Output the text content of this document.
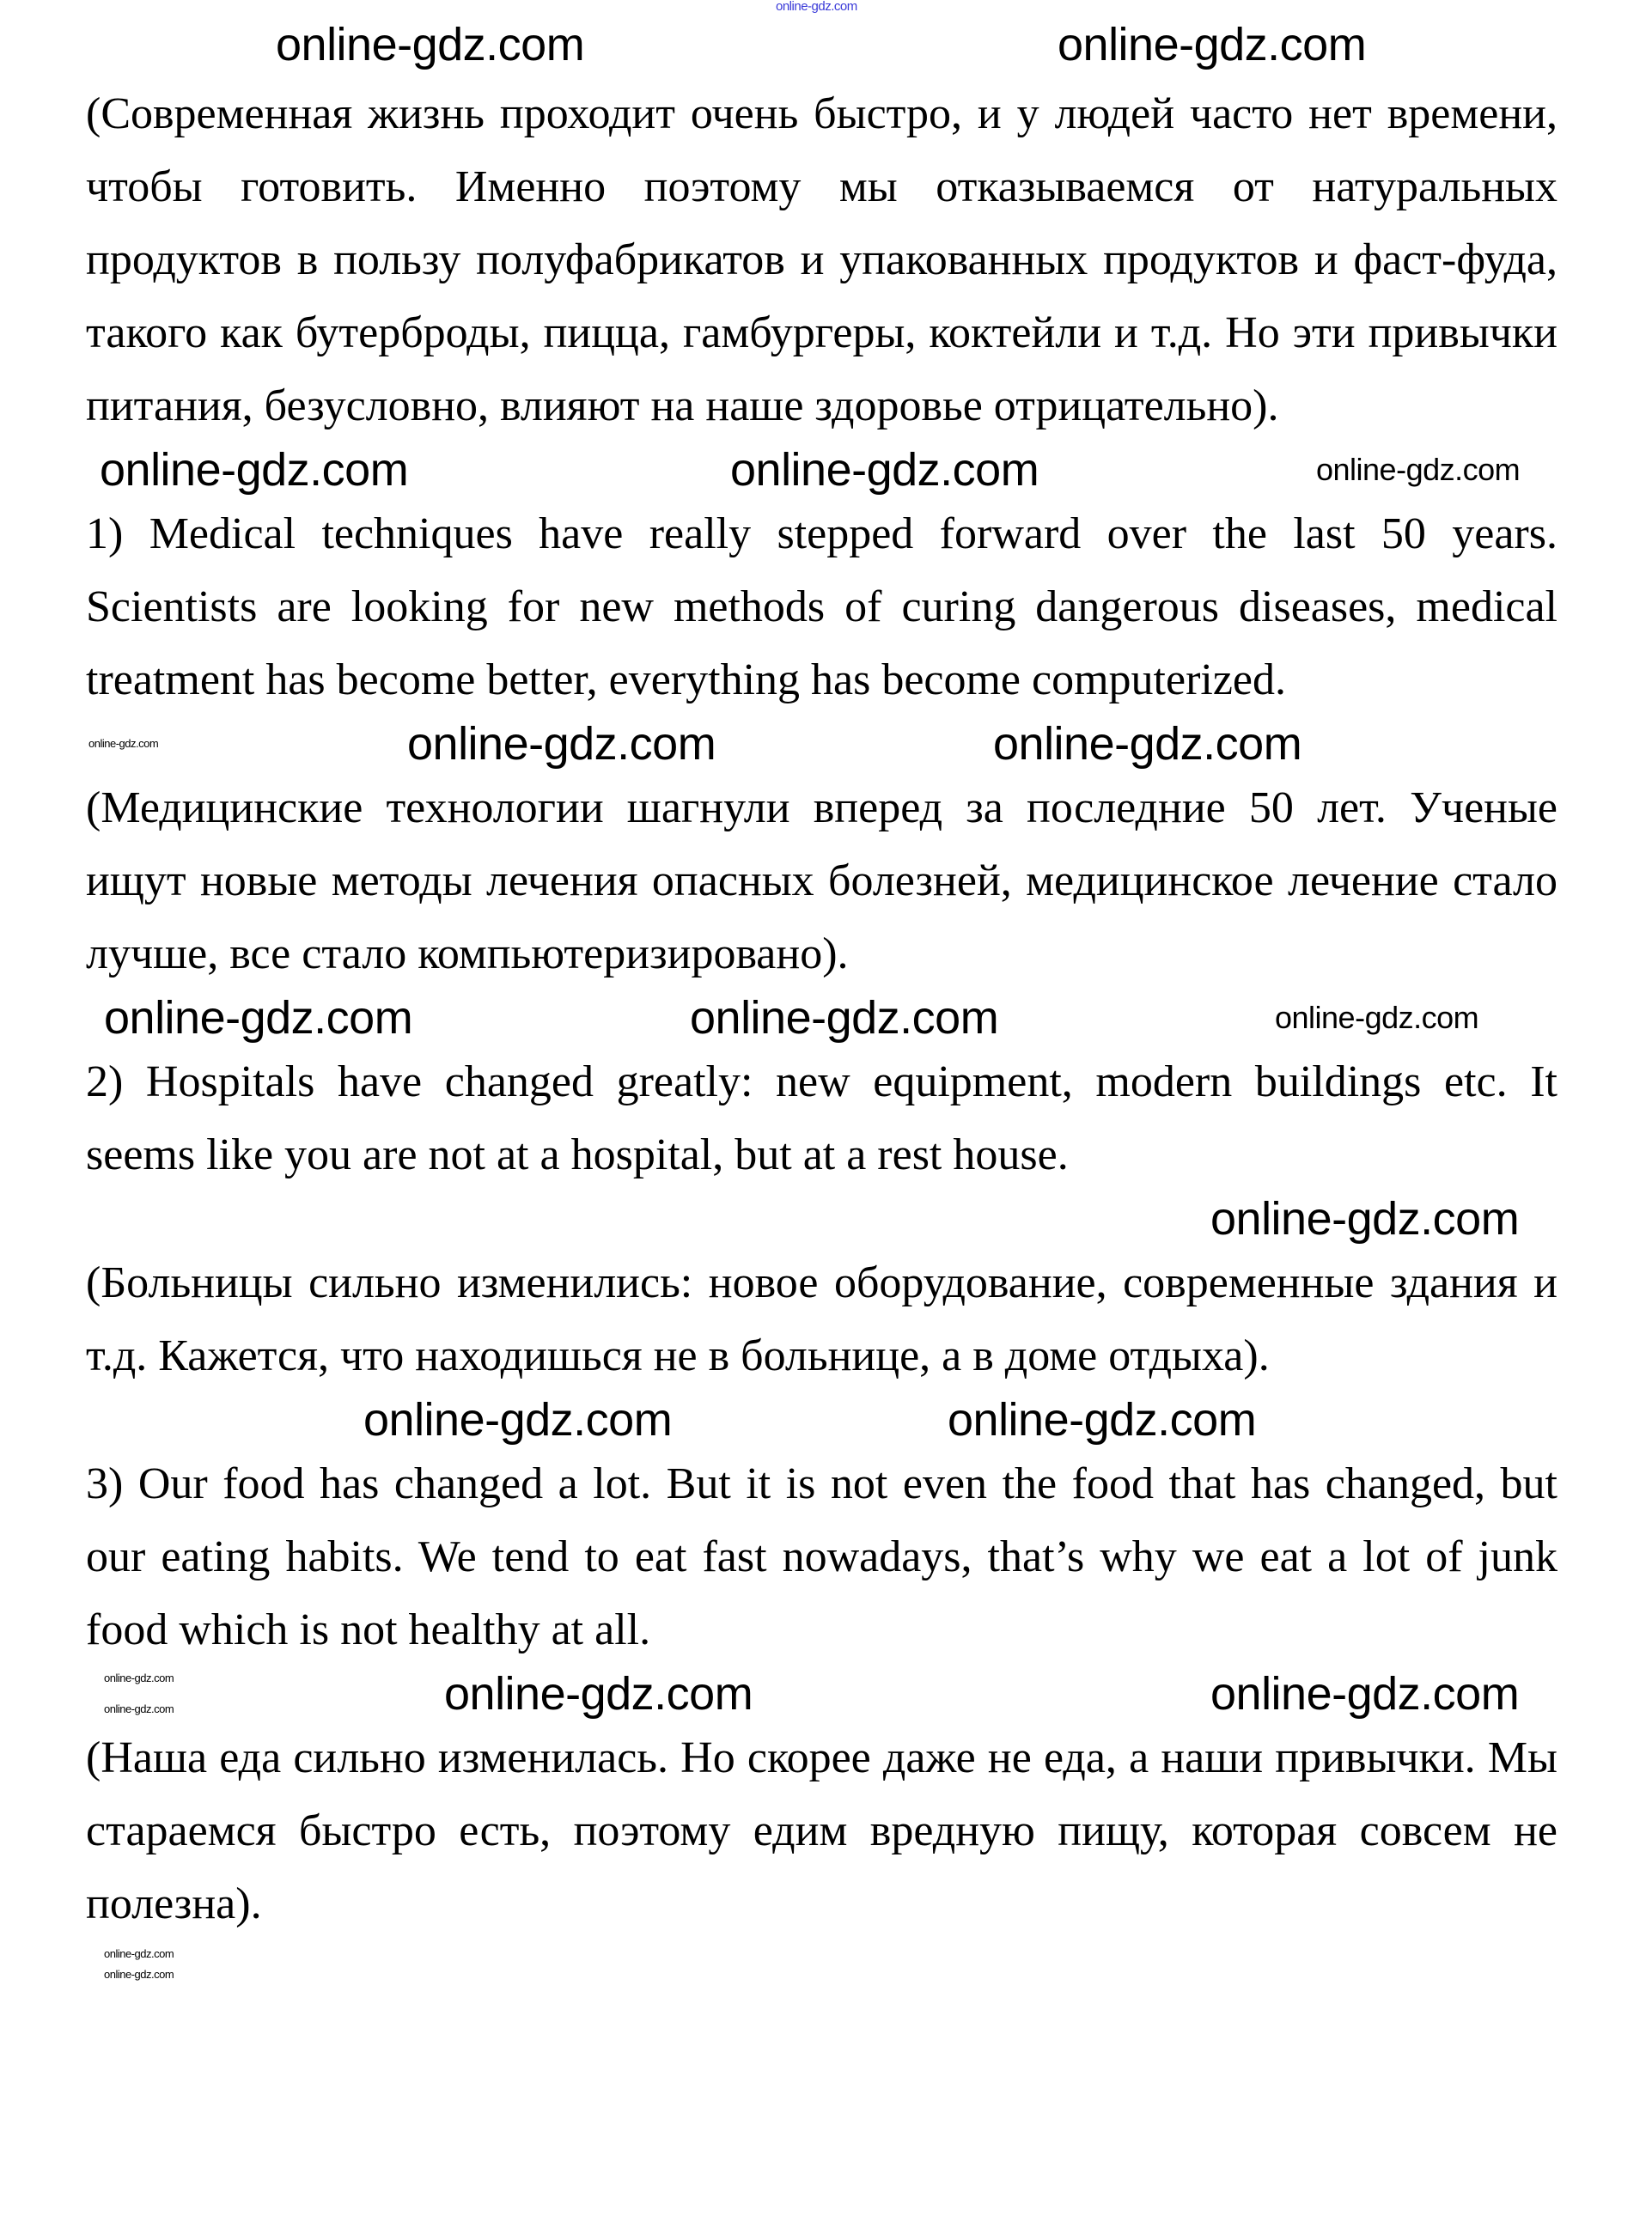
online-gdz.com
online-gdz.com	online-gdz.com

(Современная жизнь проходит очень быстро, и у людей часто нет времени, чтобы готовить. Именно поэтому мы отказываемся от натуральных продуктов в пользу полуфабрикатов и упакованных продуктов и фаст-фуда, такого как бутерброды, пицца, гамбургеры, коктейли и т.д. Но эти привычки питания, безусловно, влияют на наше здоровье отрицательно).

online-gdz.com	online-gdz.com	online-gdz.com

1) Medical techniques have really stepped forward over the last 50 years. Scientists are looking for new methods of curing dangerous diseases, medical treatment has become better, everything has become computerized.

online-gdz.com	online-gdz.com	online-gdz.com

(Медицинские технологии шагнули вперед за последние 50 лет. Ученые ищут новые методы лечения опасных болезней, медицинское лечение стало лучше, все стало компьютеризировано).

online-gdz.com	online-gdz.com	online-gdz.com

2) Hospitals have changed greatly: new equipment, modern buildings etc. It seems like you are not at a hospital, but at a rest house.

online-gdz.com

(Больницы сильно изменились: новое оборудование, современные здания и т.д. Кажется, что находишься не в больнице, а в доме отдыха).

online-gdz.com	online-gdz.com

3) Our food has changed a lot. But it is not even the food that has changed, but our eating habits. We tend to eat fast nowadays, that’s why we eat a lot of junk food which is not healthy at all.

online-gdz.com
online-gdz.com	online-gdz.com	online-gdz.com

(Наша еда сильно изменилась. Но скорее даже не еда, а наши привычки. Мы стараемся быстро есть, поэтому едим вредную пищу, которая совсем не полезна).

online-gdz.com
online-gdz.com
